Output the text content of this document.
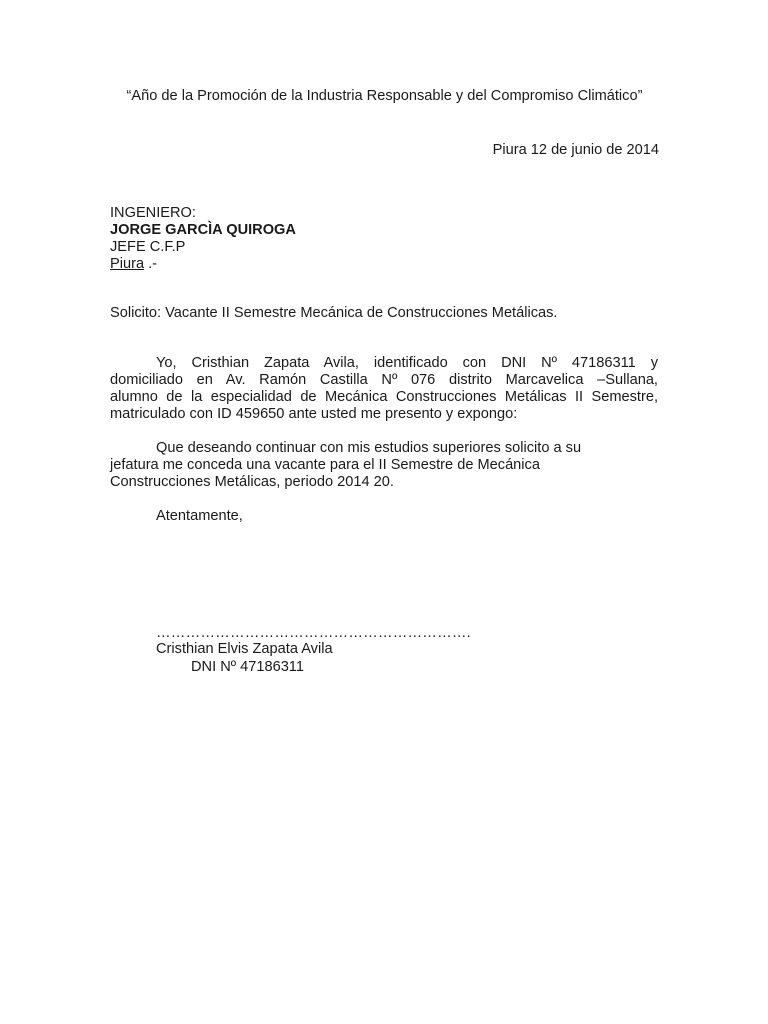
“Año de la Promoción de la Industria Responsable y del Compromiso Climático”
Piura 12 de junio de 2014
INGENIERO:
JORGE GARCÌA QUIROGA
JEFE C.F.P
Piura .-
Solicito: Vacante II Semestre Mecánica de Construcciones Metálicas.
Yo, Cristhian Zapata Avila, identificado con DNI Nº 47186311 y
domiciliado en Av. Ramón Castilla Nº 076 distrito Marcavelica –Sullana,
alumno de la especialidad de Mecánica Construcciones Metálicas II Semestre,
matriculado con ID 459650 ante usted me presento y expongo:
Que deseando continuar con mis estudios superiores solicito a su
jefatura me conceda una vacante para el II Semestre de Mecánica
Construcciones Metálicas, periodo 2014 20.
Atentamente,
……………………………………………………….
Cristhian Elvis Zapata Avila
DNI Nº 47186311
